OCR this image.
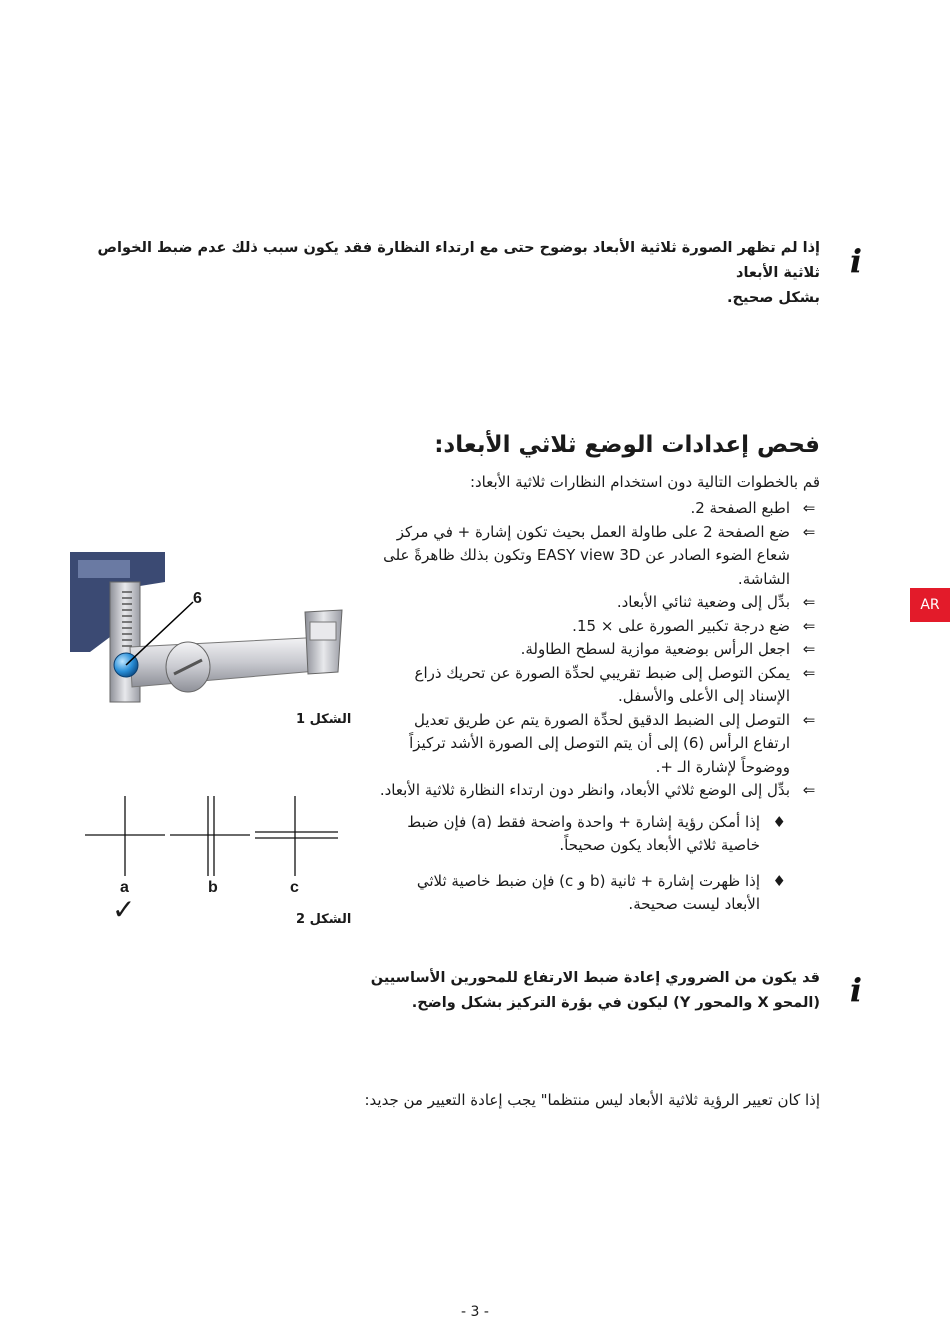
i
إذا لم تظهر الصورة ثلاثية الأبعاد بوضوح حتى مع ارتداء النظارة فقد يكون سبب ذلك عدم ضبط الخواص ثلاثية الأبعاد
بشكل صحيح.
فحص إعدادات الوضع ثلاثي الأبعاد:
قم بالخطوات التالية دون استخدام النظارات ثلاثية الأبعاد:
⇐
اطبع الصفحة 2.
⇐
ضع الصفحة 2 على طاولة العمل بحيث تكون إشارة + في مركز شعاع الضوء الصادر عن EASY view 3D وتكون بذلك ظاهرةً على الشاشة.
⇐
بدِّل إلى وضعية ثنائي الأبعاد.
⇐
ضع درجة تكبير الصورة على × 15.
⇐
اجعل الرأس بوضعية موازية لسطح الطاولة.
⇐
يمكن التوصل إلى ضبط تقريبي لحدِّة الصورة عن تحريك ذراع الإسناد إلى الأعلى والأسفل.
⇐
التوصل إلى الضبط الدقيق لحدِّة الصورة يتم عن طريق تعديل ارتفاع الرأس (6) إلى أن يتم التوصل إلى الصورة الأشد تركيزاً ووضوحاً لإشارة الـ +.
⇐
بدِّل إلى الوضع ثلاثي الأبعاد، وانظر دون ارتداء النظارة ثلاثية الأبعاد.
♦
إذا أمكن رؤية إشارة + واحدة واضحة فقط (a) فإن ضبط خاصية ثلاثي الأبعاد يكون صحيحاً.
♦
إذا ظهرت إشارة + ثانية (b و c) فإن ضبط خاصية ثلاثي الأبعاد ليست صحيحة.
6
الشكل 1
a	b	c
✓	الشكل 2
i
قد يكون من الضروري إعادة ضبط الارتفاع للمحورين الأساسيين
(المحو X والمحور Y) ليكون في بؤرة التركيز بشكل واضح.
إذا كان تعيير الرؤية ثلاثية الأبعاد ليس منتظما" يجب إعادة التعيير من جديد:
AR
- 3 -
